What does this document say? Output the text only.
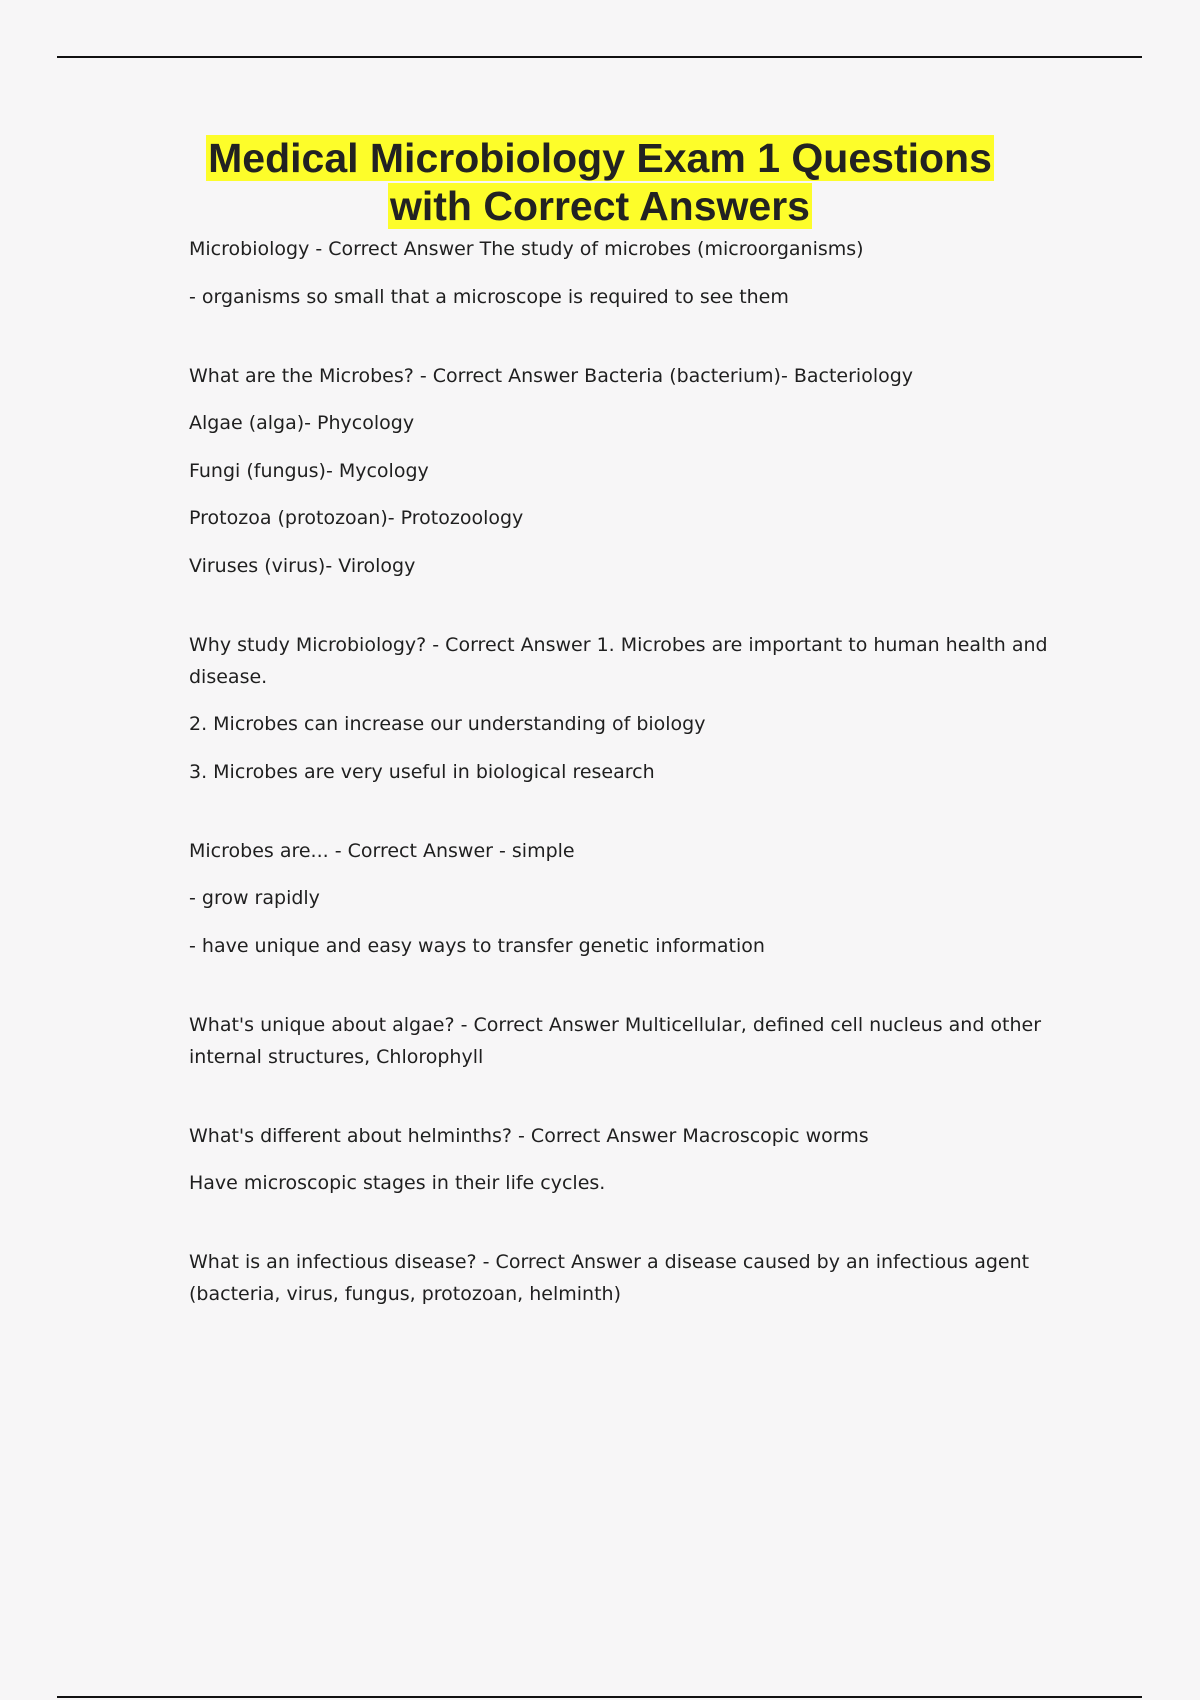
Medical Microbiology Exam 1 Questions
with Correct Answers

Microbiology - Correct Answer The study of microbes (microorganisms)

- organisms so small that a microscope is required to see them

What are the Microbes? - Correct Answer Bacteria (bacterium)- Bacteriology

Algae (alga)- Phycology

Fungi (fungus)- Mycology

Protozoa (protozoan)- Protozoology

Viruses (virus)- Virology

Why study Microbiology? - Correct Answer 1. Microbes are important to human health and disease.

2. Microbes can increase our understanding of biology

3. Microbes are very useful in biological research

Microbes are... - Correct Answer - simple

- grow rapidly

- have unique and easy ways to transfer genetic information

What's unique about algae? - Correct Answer Multicellular, defined cell nucleus and other internal structures, Chlorophyll

What's different about helminths? - Correct Answer Macroscopic worms

Have microscopic stages in their life cycles.

What is an infectious disease? - Correct Answer a disease caused by an infectious agent (bacteria, virus, fungus, protozoan, helminth)
